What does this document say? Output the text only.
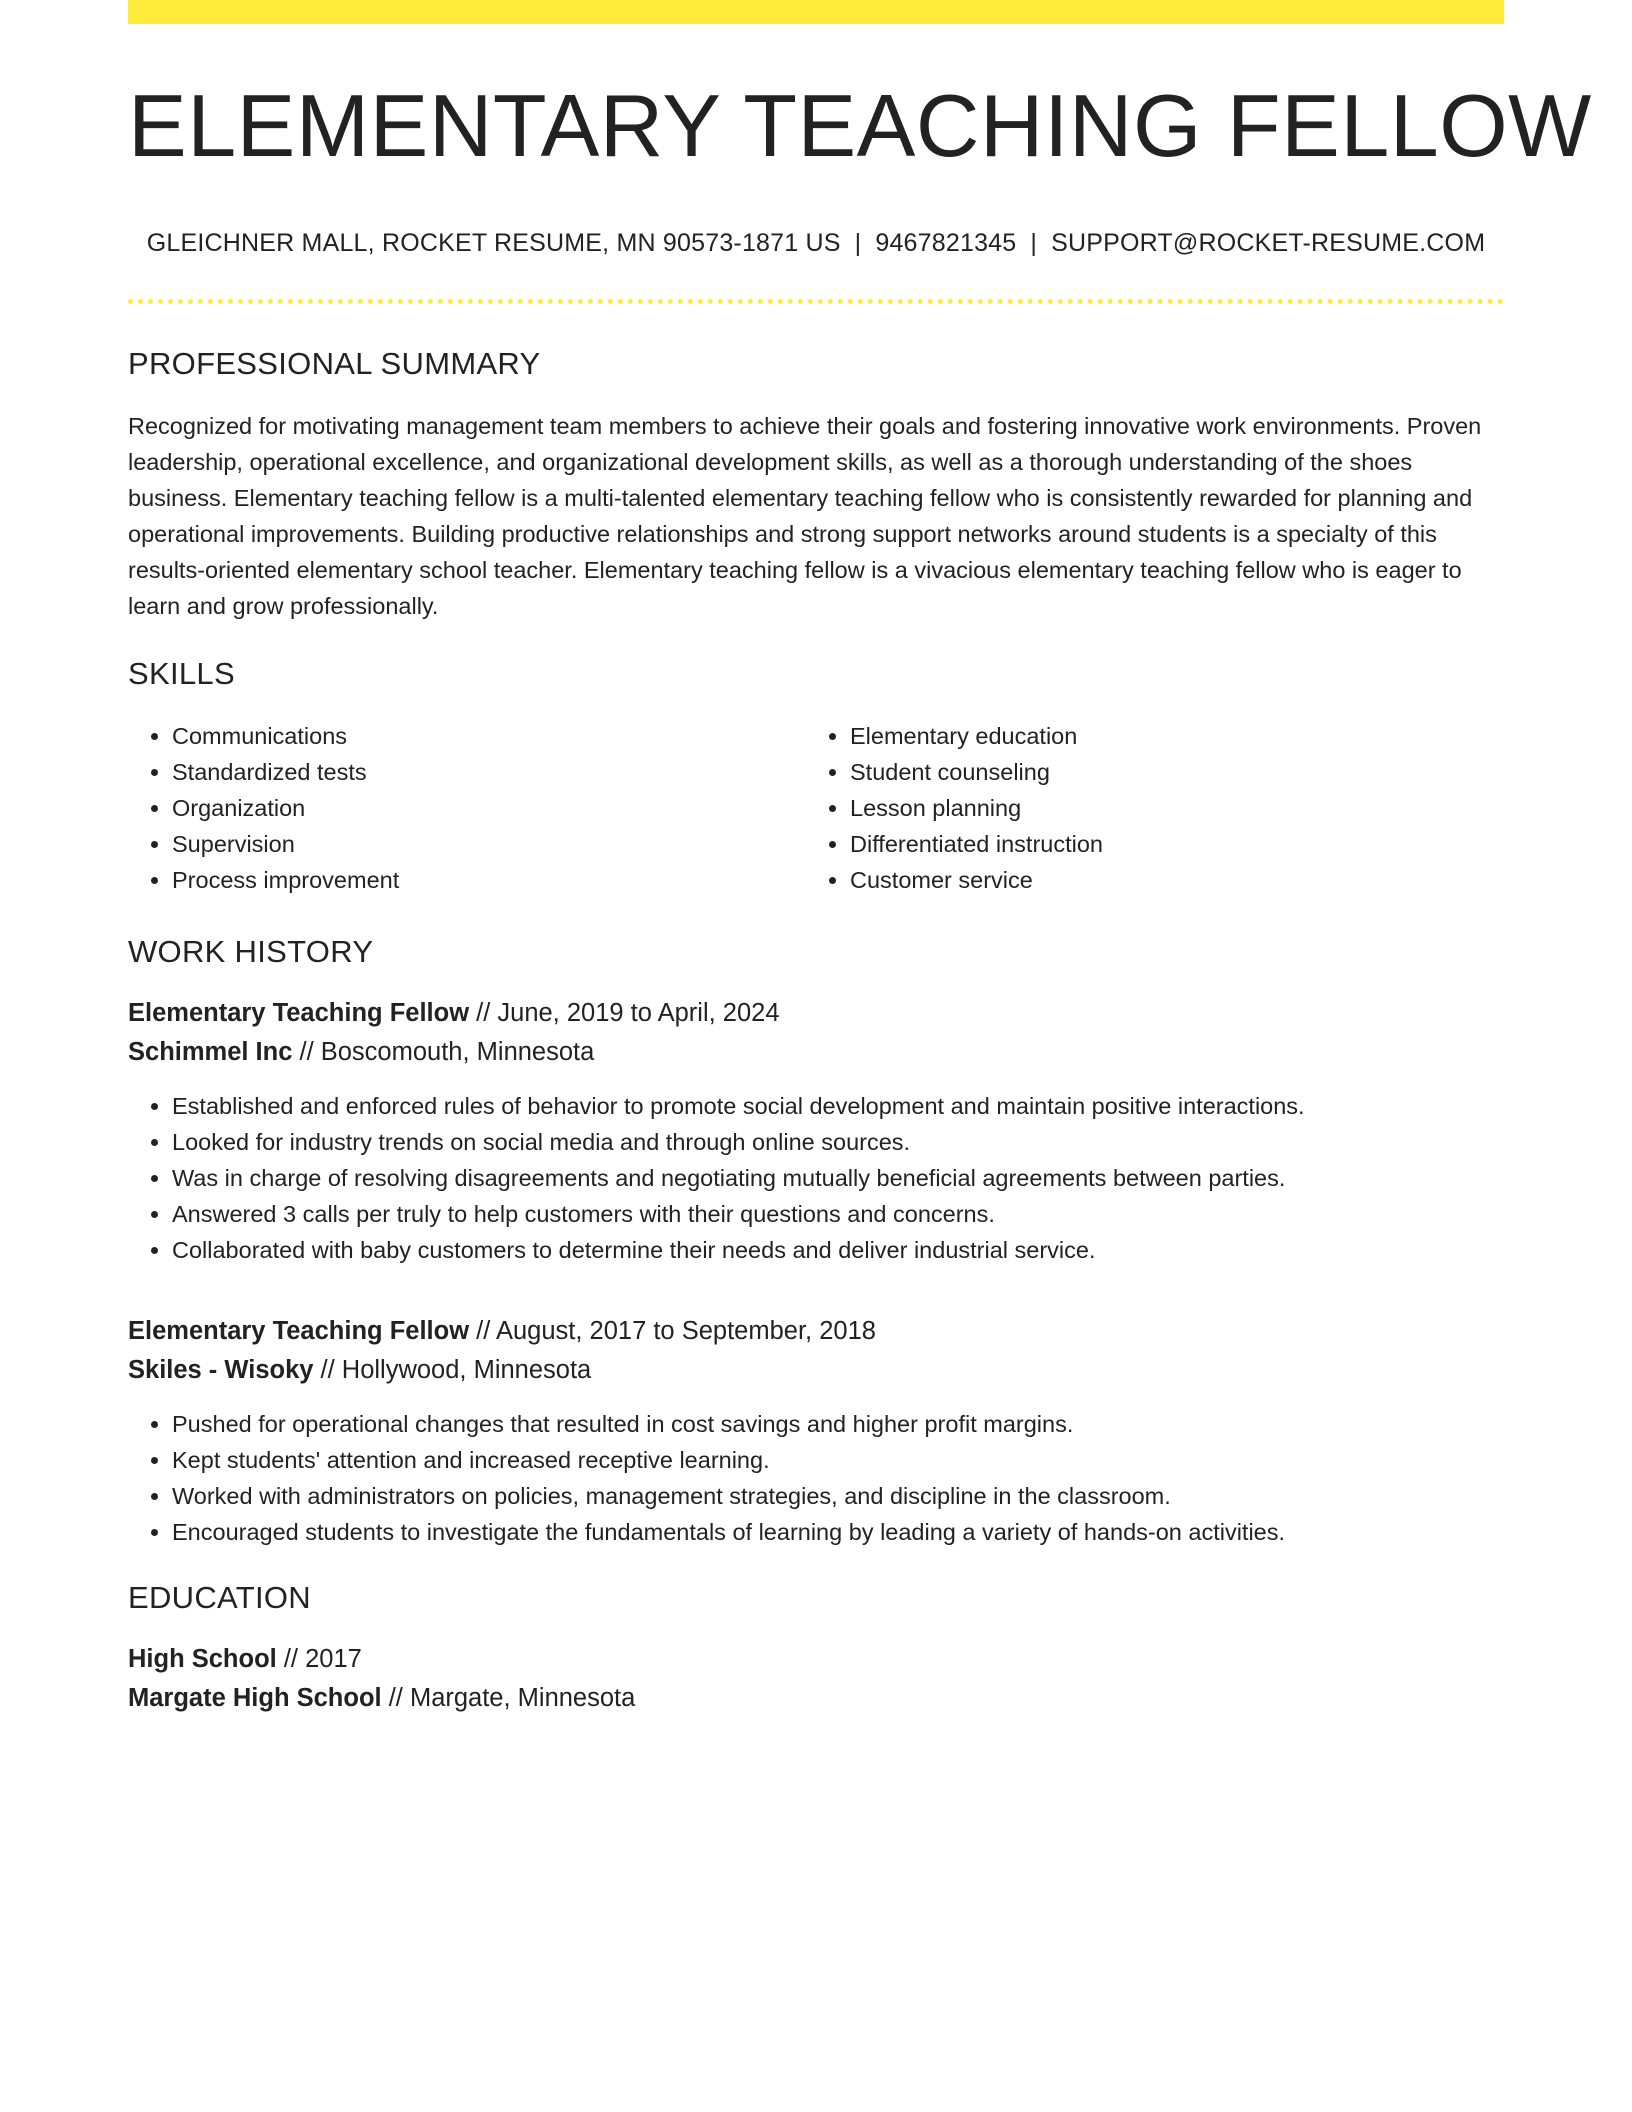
ELEMENTARY TEACHING FELLOW
GLEICHNER MALL, ROCKET RESUME, MN 90573-1871 US | 9467821345 | SUPPORT@ROCKET-RESUME.COM
PROFESSIONAL SUMMARY

Recognized for motivating management team members to achieve their goals and fostering innovative work environments. Proven leadership, operational excellence, and organizational development skills, as well as a thorough understanding of the shoes business. Elementary teaching fellow is a multi-talented elementary teaching fellow who is consistently rewarded for planning and operational improvements. Building productive relationships and strong support networks around students is a specialty of this results-oriented elementary school teacher. Elementary teaching fellow is a vivacious elementary teaching fellow who is eager to learn and grow professionally.

SKILLS
• Communications
• Standardized tests
• Organization
• Supervision
• Process improvement
• Elementary education
• Student counseling
• Lesson planning
• Differentiated instruction
• Customer service
WORK HISTORY
Elementary Teaching Fellow // June, 2019 to April, 2024
Schimmel Inc // Boscomouth, Minnesota
• Established and enforced rules of behavior to promote social development and maintain positive interactions.
• Looked for industry trends on social media and through online sources.
• Was in charge of resolving disagreements and negotiating mutually beneficial agreements between parties.
• Answered 3 calls per truly to help customers with their questions and concerns.
• Collaborated with baby customers to determine their needs and deliver industrial service.
Elementary Teaching Fellow // August, 2017 to September, 2018
Skiles - Wisoky // Hollywood, Minnesota
• Pushed for operational changes that resulted in cost savings and higher profit margins.
• Kept students' attention and increased receptive learning.
• Worked with administrators on policies, management strategies, and discipline in the classroom.
• Encouraged students to investigate the fundamentals of learning by leading a variety of hands-on activities.
EDUCATION
High School // 2017
Margate High School // Margate, Minnesota
